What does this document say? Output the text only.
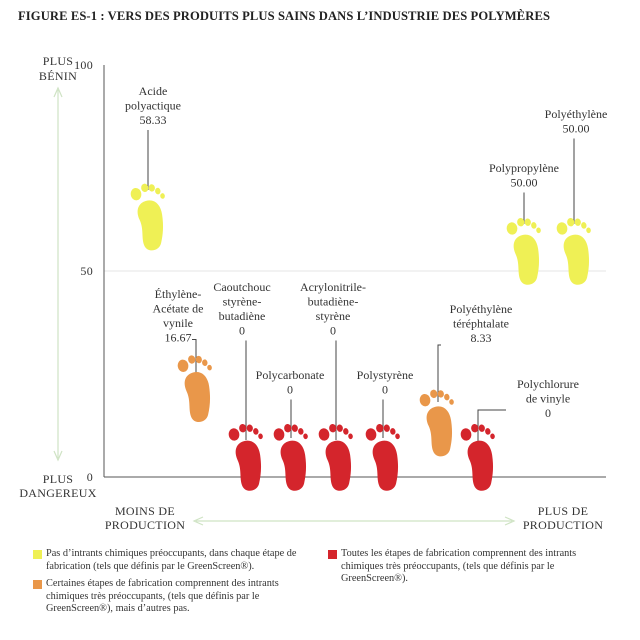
100
50
0
PLUS
BÉNIN
PLUS
DANGEREUX
MOINS DE
PRODUCTION
PLUS DE
PRODUCTION
Acide
polyactique
58.33
Éthylène-
Acétate de
vynile
16.67
Caoutchouc
styrène-
butadiène
0
Polycarbonate
0
Acrylonitrile-
butadiène-
styrène
0
Polystyrène
0
Polyéthylène
téréphtalate
8.33
Polychlorure
de vinyle
0
Polypropylène
50.00
Polyéthylène
50.00
FIGURE ES-1 : VERS DES PRODUITS PLUS SAINS DANS L’INDUSTRIE DES POLYMÈRES
Pas d’intrants chimiques préoccupants, dans chaque étape de fabrication (tels que définis par le GreenScreen®).
Toutes les étapes de fabrication comprennent des intrants chimiques très préoccupants, (tels que définis par le GreenScreen®).
Certaines étapes de fabrication comprennent des intrants chimiques très préoccupants, (tels que définis par le GreenScreen®), mais d’autres pas.
